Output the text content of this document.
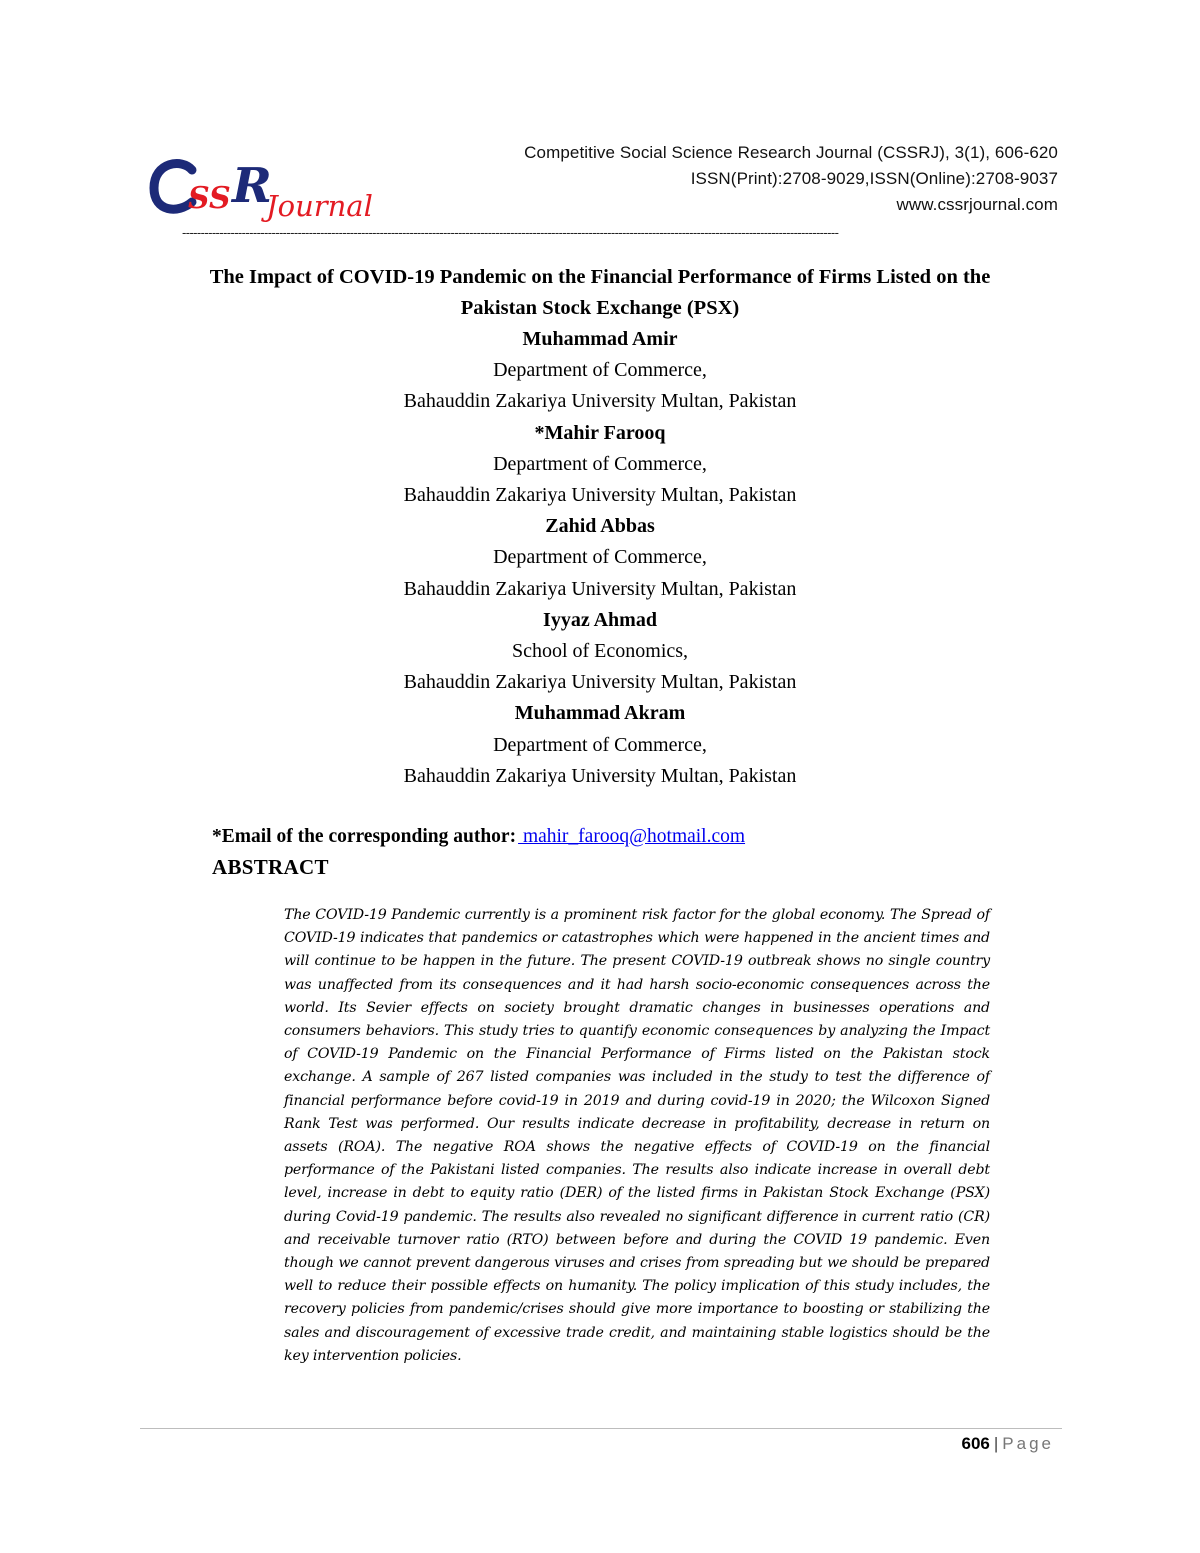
SS R
Journal
Competitive Social Science Research Journal (CSSRJ), 3(1), 606-620
ISSN(Print):2708-9029,ISSN(Online):2708-9037
www.cssrjournal.com
--------------------------------------------------------------------------------------------------------------------------------------------------------------------------------
The Impact of COVID-19 Pandemic on the Financial Performance of Firms Listed on the
Pakistan Stock Exchange (PSX)
Muhammad Amir
Department of Commerce,
Bahauddin Zakariya University Multan, Pakistan
*Mahir Farooq
Department of Commerce,
Bahauddin Zakariya University Multan, Pakistan
Zahid Abbas
Department of Commerce,
Bahauddin Zakariya University Multan, Pakistan
Iyyaz Ahmad
School of Economics,
Bahauddin Zakariya University Multan, Pakistan
Muhammad Akram
Department of Commerce,
Bahauddin Zakariya University Multan, Pakistan
*Email of the corresponding author: mahir_farooq@hotmail.com
ABSTRACT
The COVID-19 Pandemic currently is a prominent risk factor for the global economy. The Spread of COVID-19 indicates that pandemics or catastrophes which were happened in the ancient times and will continue to be happen in the future. The present COVID-19 outbreak shows no single country was unaffected from its consequences and it had harsh socio-economic consequences across the world. Its Sevier effects on society brought dramatic changes in businesses operations and consumers behaviors. This study tries to quantify economic consequences by analyzing the Impact of COVID-19 Pandemic on the Financial Performance of Firms listed on the Pakistan stock exchange. A sample of 267 listed companies was included in the study to test the difference of financial performance before covid-19 in 2019 and during covid-19 in 2020; the Wilcoxon Signed Rank Test was performed. Our results indicate decrease in profitability, decrease in return on assets (ROA). The negative ROA shows the negative effects of COVID-19 on the financial performance of the Pakistani listed companies. The results also indicate increase in overall debt level, increase in debt to equity ratio (DER) of the listed firms in Pakistan Stock Exchange (PSX) during Covid-19 pandemic. The results also revealed no significant difference in current ratio (CR) and receivable turnover ratio (RTO) between before and during the COVID 19 pandemic. Even though we cannot prevent dangerous viruses and crises from spreading but we should be prepared well to reduce their possible effects on humanity. The policy implication of this study includes, the recovery policies from pandemic/crises should give more importance to boosting or stabilizing the sales and discouragement of excessive trade credit, and maintaining stable logistics should be the key intervention policies.
606 | Page
